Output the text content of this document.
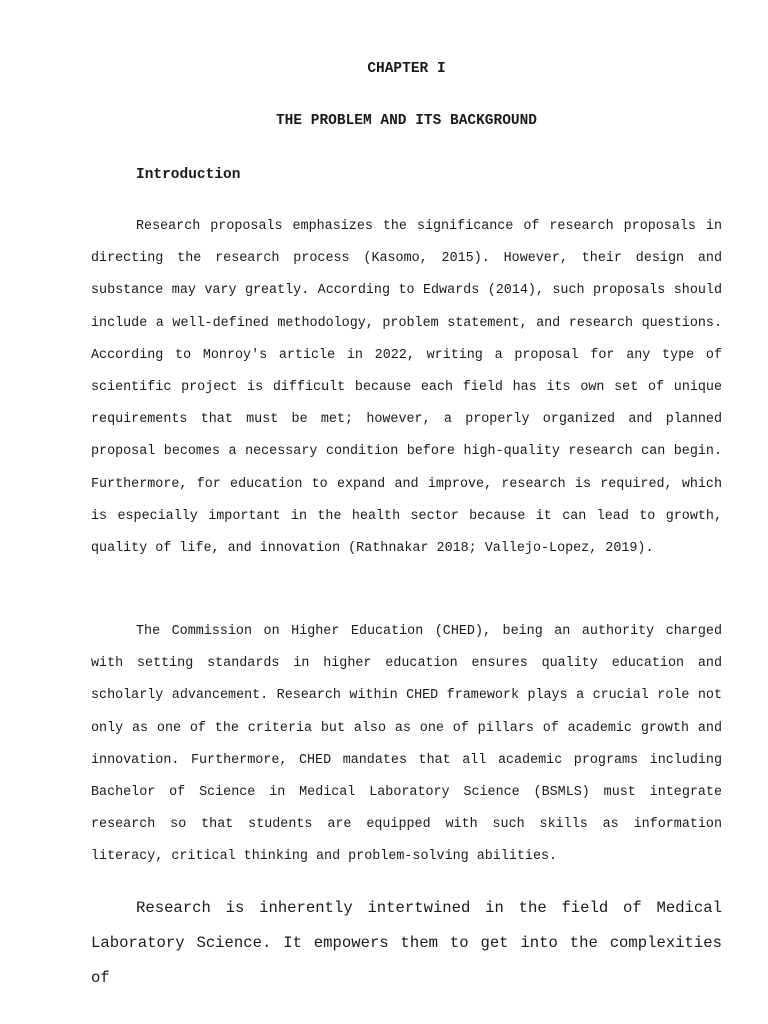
CHAPTER I
THE PROBLEM AND ITS BACKGROUND
Introduction

Research proposals emphasizes the significance of research proposals in directing the research process (Kasomo, 2015). However, their design and substance may vary greatly. According to Edwards (2014), such proposals should include a well-defined methodology, problem statement, and research questions. According to Monroy's article in 2022, writing a proposal for any type of scientific project is difficult because each field has its own set of unique requirements that must be met; however, a properly organized and planned proposal becomes a necessary condition before high-quality research can begin. Furthermore, for education to expand and improve, research is required, which is especially important in the health sector because it can lead to growth, quality of life, and innovation (Rathnakar 2018; Vallejo-Lopez, 2019).

The Commission on Higher Education (CHED), being an authority charged with setting standards in higher education ensures quality education and scholarly advancement. Research within CHED framework plays a crucial role not only as one of the criteria but also as one of pillars of academic growth and innovation. Furthermore, CHED mandates that all academic programs including Bachelor of Science in Medical Laboratory Science (BSMLS) must integrate research so that students are equipped with such skills as information literacy, critical thinking and problem-solving abilities.

Research is inherently intertwined in the field of Medical Laboratory Science. It empowers them to get into the complexities of
